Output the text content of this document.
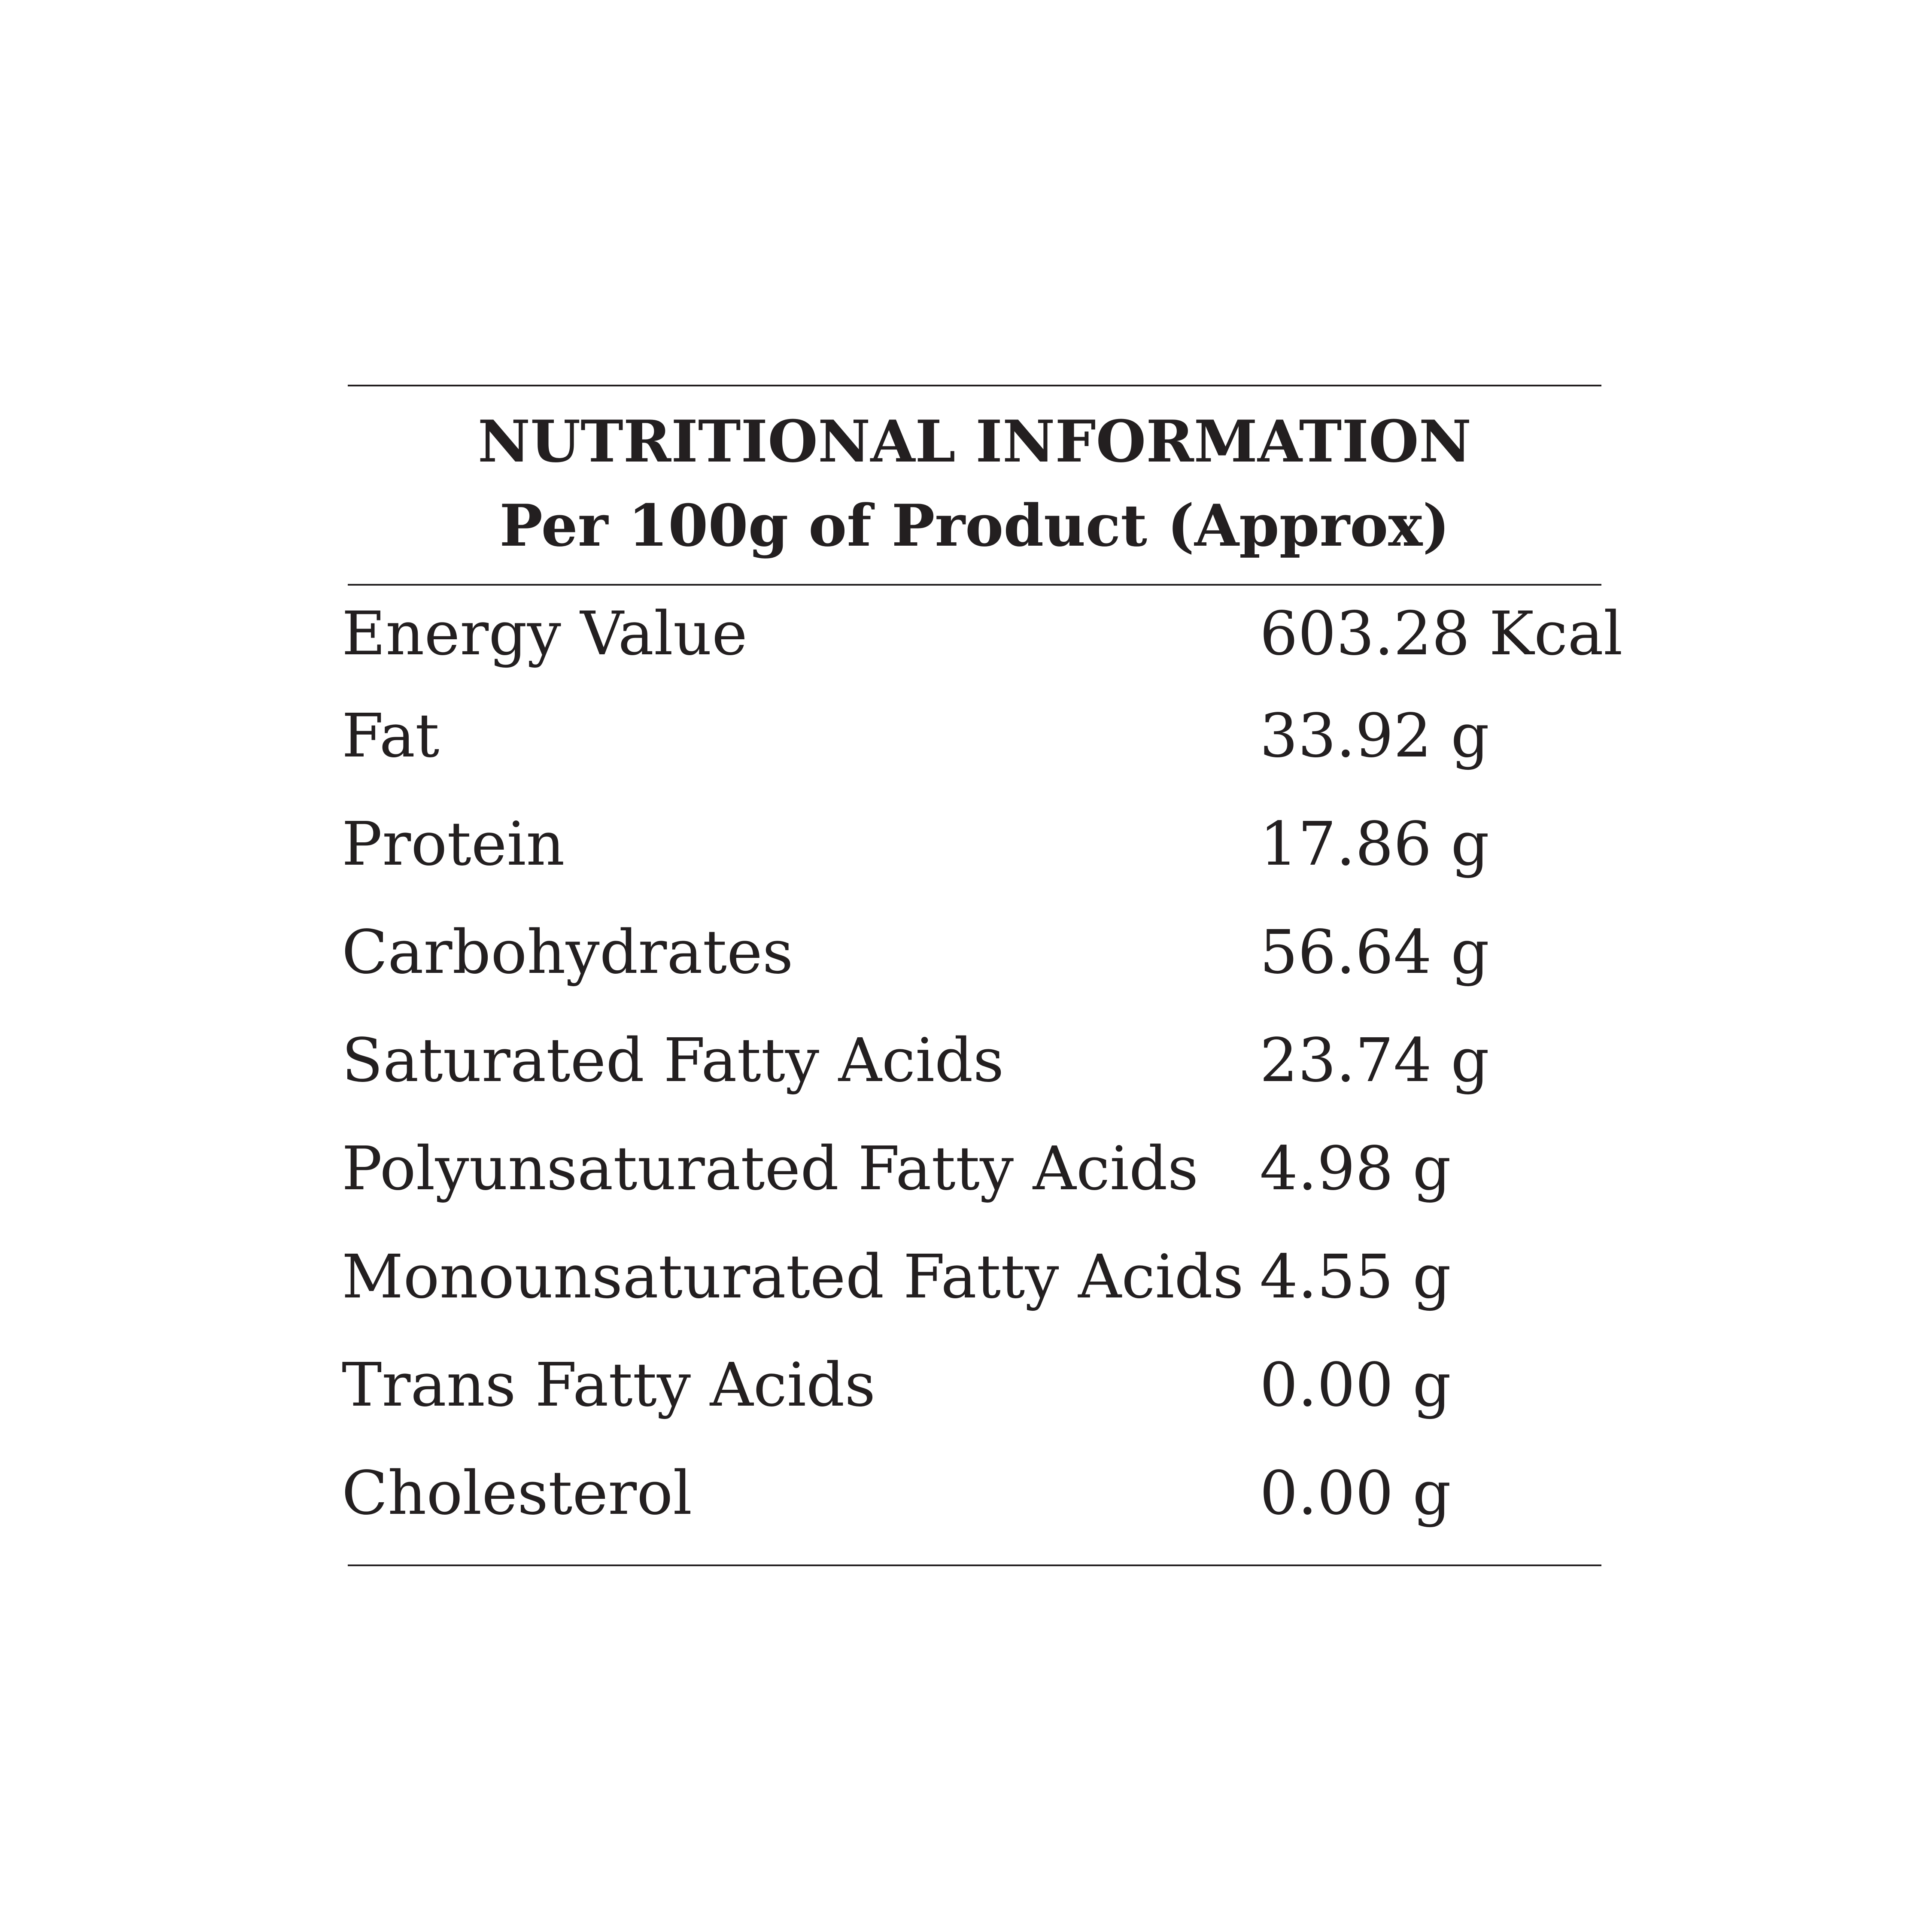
NUTRITIONAL INFORMATION
Per 100g of Product (Approx)
Energy Value	603.28 Kcal
Fat	33.92 g
Protein	17.86 g
Carbohydrates	56.64 g
Saturated Fatty Acids	23.74 g
Polyunsaturated Fatty Acids	4.98 g
Monounsaturated Fatty Acids 4.55 g
Trans Fatty Acids	0.00 g
Cholesterol	0.00 g
